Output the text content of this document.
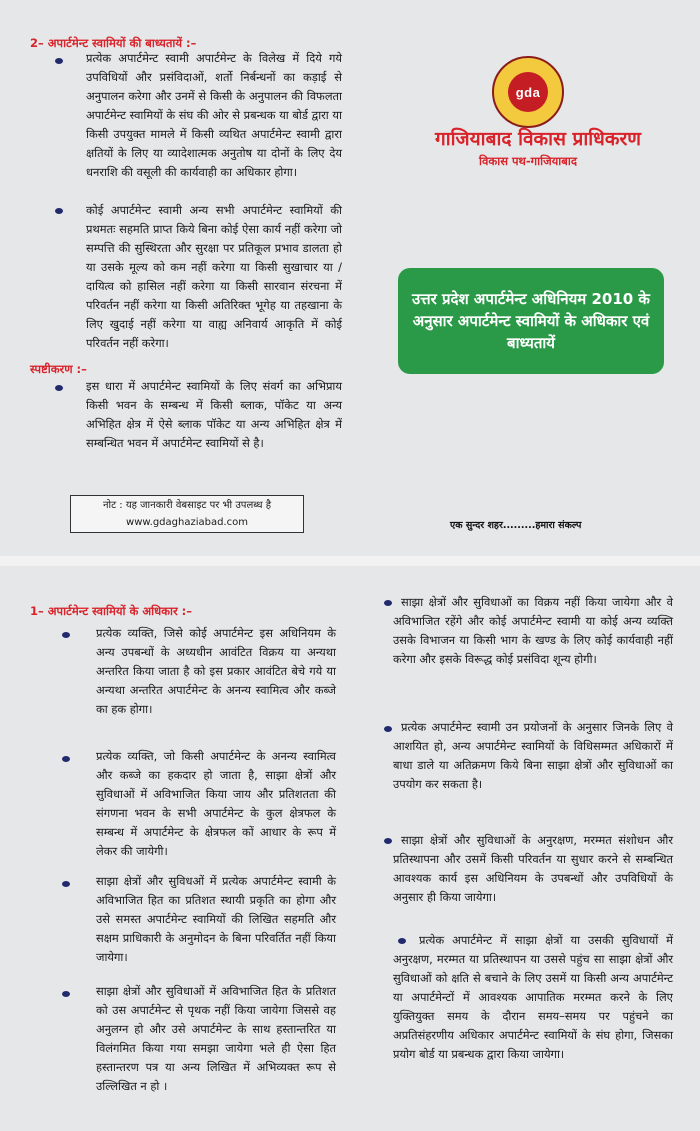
2– अपार्टमेन्ट स्वामियों की बाध्यतायें :–

प्रत्येक अपार्टमेन्ट स्वामी अपार्टमेन्ट के विलेख में दिये गये उपविधियों और प्रसंविदाओं, शर्तो निर्बन्धनों का कड़ाई से अनुपालन करेगा और उनमें से किसी के अनुपालन की विफलता अपार्टमेन्ट स्वामियों के संघ की ओर से प्रबन्धक या बोर्ड द्वारा या किसी उपयुक्त मामले में किसी व्यथित अपार्टमेन्ट स्वामी द्वारा क्षतियों के लिए या व्यादेशात्मक अनुतोष या दोनों के लिए देय धनराशि की वसूली की कार्यवाही का अधिकार होगा।

कोई अपार्टमेन्ट स्वामी अन्य सभी अपार्टमेन्ट स्वामियों की प्रथमतः सहमति प्राप्त किये बिना कोई ऐसा कार्य नहीं करेगा जो सम्पत्ति की सुस्थिरता और सुरक्षा पर प्रतिकूल प्रभाव डालता हो या उसके मूल्य को कम नहीं करेगा या किसी सुखाचार या / दायित्व को हासिल नहीं करेगा या किसी सारवान संरचना में परिवर्तन नहीं करेगा या किसी अतिरिक्त भूगेह या तहखाना के लिए खुदाई नहीं करेगा या वाह्य अनिवार्य आकृति में कोई परिवर्तन नहीं करेगा।

स्पष्टीकरण :–

इस धारा में अपार्टमेन्ट स्वामियों के लिए संवर्ग का अभिप्राय किसी भवन के सम्बन्ध में किसी ब्लाक, पॉकेट या अन्य अभिहित क्षेत्र में ऐसे ब्लाक पॉकेट या अन्य अभिहित क्षेत्र में सम्बन्धित भवन में अपार्टमेन्ट स्वामियों से है।

नोट : यह जानकारी वेबसाइट पर भी उपलब्ध है
www.gdaghaziabad.com
gda
गाजियाबाद विकास प्राधिकरण
विकास पथ-गाजियाबाद
उत्तर प्रदेश अपार्टमेन्ट अधिनियम 2010 के अनुसार अपार्टमेन्ट स्वामियों के अधिकार एवं बाध्यतायें
एक सुन्दर शहर.........हमारा संकल्प
1– अपार्टमेन्ट स्वामियों के अधिकार :–

प्रत्येक व्यक्ति, जिसे कोई अपार्टमेन्ट इस अधिनियम के अन्य उपबन्धों के अध्यधीन आवंटित विक्रय या अन्यथा अन्तरित किया जाता है को इस प्रकार आवंटित बेचे गये या अन्यथा अन्तरित अपार्टमेन्ट के अनन्य स्वामित्व और कब्जे का हक होगा।

प्रत्येक व्यक्ति, जो किसी अपार्टमेन्ट के अनन्य स्वामित्व और कब्जे का हकदार हो जाता है, साझा क्षेत्रों और सुविधाओं में अविभाजित किया जाय और प्रतिशतता की संगणना भवन के सभी अपार्टमेन्ट के कुल क्षेत्रफल के सम्बन्ध में अपार्टमेन्ट के क्षेत्रफल कों आधार के रूप में लेकर की जायेगी।

साझा क्षेत्रों और सुविधओं में प्रत्येक अपार्टमेन्ट स्वामी के अविभाजित हित का प्रतिशत स्थायी प्रकृति का होगा और उसे समस्त अपार्टमेन्ट स्वामियों की लिखित सहमति और सक्षम प्राधिकारी के अनुमोदन के बिना परिवर्तित नहीं किया जायेगा।

साझा क्षेत्रों और सुविधाओं में अविभाजित हित के प्रतिशत को उस अपार्टमेन्ट से पृथक नहीं किया जायेगा जिससे वह अनुलग्न हो और उसे अपार्टमेन्ट के साथ हस्तान्तरित या विलंगमित किया गया समझा जायेगा भले ही ऐसा हित हस्तान्तरण पत्र या अन्य लिखित में अभिव्यक्त रूप से उल्लिखित न हो ।

साझा क्षेत्रों और सुविधाओं का विक्रय नहीं किया जायेगा और वे अविभाजित रहेंगे और कोई अपार्टमेन्ट स्वामी या कोई अन्य व्यक्ति उसके विभाजन या किसी भाग के खण्ड के लिए कोई कार्यवाही नहीं करेगा और इसके विरूद्ध कोई प्रसंविदा शून्य होगी।

प्रत्येक अपार्टमेन्ट स्वामी उन प्रयोजनों के अनुसार जिनके लिए वे आशयित हो, अन्य अपार्टमेन्ट स्वामियों के विधिसम्मत अधिकारों में बाधा डाले या अतिक्रमण किये बिना साझा क्षेत्रों और सुविधाओं का उपयोग कर सकता है।

साझा क्षेत्रों और सुविधाओं के अनुरक्षण, मरम्मत संशोधन और प्रतिस्थापना और उसमें किसी परिवर्तन या सुधार करने से सम्बन्धित आवश्यक कार्य इस अधिनियम के उपबन्धों और उपविधियों के अनुसार ही किया जायेगा।

प्रत्येक अपार्टमेन्ट में साझा क्षेत्रों या उसकी सुविधायों में अनुरक्षण, मरम्मत या प्रतिस्थापन या उससे पहुंच सा साझा क्षेत्रों और सुविधाओं को क्षति से बचाने के लिए उसमें या किसी अन्य अपार्टमेन्ट या अपार्टमेन्टों में आवश्यक आपातिक मरम्मत करने के लिए युक्तियुक्त समय के दौरान समय–समय पर पहुंचने का अप्रतिसंहरणीय अधिकार अपार्टमेन्ट स्वामियों के संघ होगा, जिसका प्रयोग बोर्ड या प्रबन्धक द्वारा किया जायेगा।
